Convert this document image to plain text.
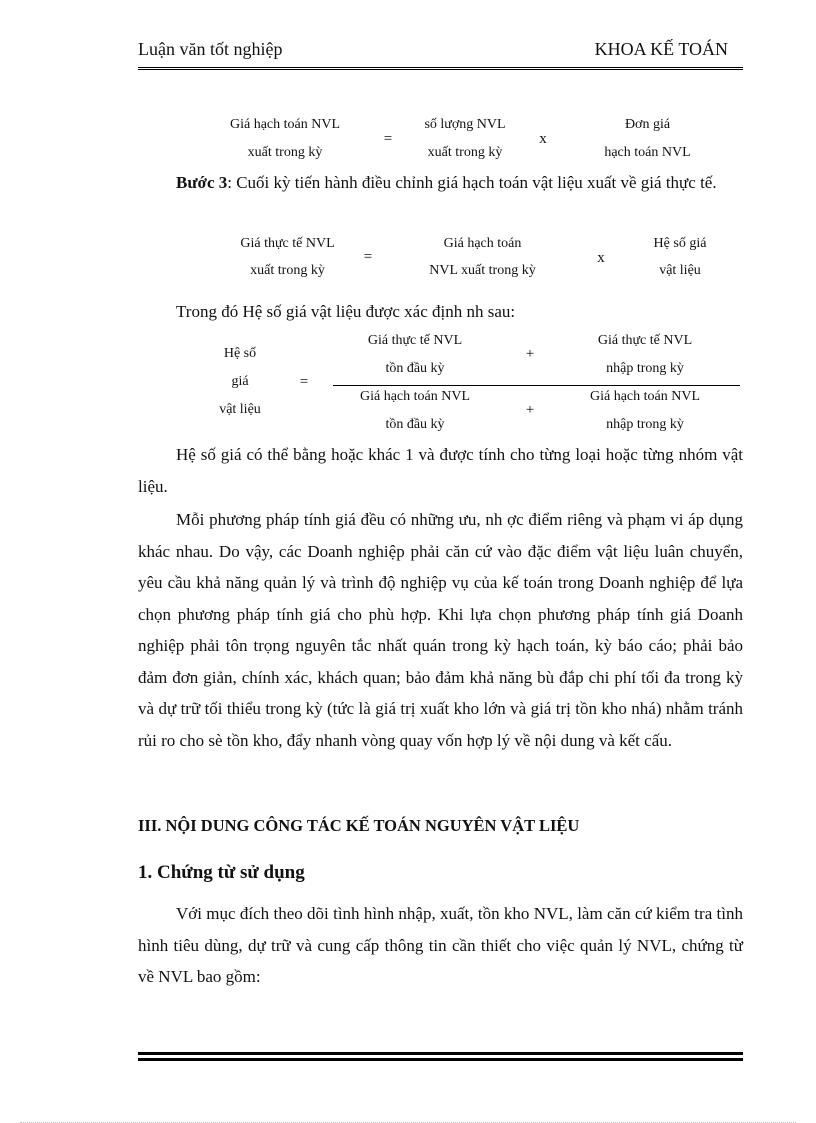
Luận văn tốt nghiệp	KHOA KẾ TOÁN
Giá hạch toán NVL
xuất trong kỳ
=
số lượng NVL
xuất trong kỳ
x
Đơn giá
hạch toán NVL
Bước 3: Cuối kỳ tiến hành điều chỉnh giá hạch toán vật liệu xuất về giá thực tế.
Giá thực tế NVL
xuất trong kỳ
=
Giá hạch toán
NVL xuất trong kỳ
x
Hệ số giá
vật liệu
Trong đó Hệ số giá vật liệu được xác định nh sau:
Hệ số
giá
vật liệu
=
Giá thực tế NVL
tồn đầu kỳ
+
Giá thực tế NVL
nhập trong kỳ
Giá hạch toán NVL
tồn đầu kỳ
+
Giá hạch toán NVL
nhập trong kỳ
Hệ số giá có thể bằng hoặc khác 1 và được tính cho từng loại hoặc từng nhóm vật liệu.
Mỗi phương pháp tính giá đều có những ưu, nh ợc điểm riêng và phạm vi áp dụng khác nhau. Do vậy, các Doanh nghiệp phải căn cứ vào đặc điểm vật liệu luân chuyển, yêu cầu khả năng quản lý và trình độ nghiệp vụ của kế toán trong Doanh nghiệp để lựa chọn phương pháp tính giá cho phù hợp. Khi lựa chọn phương pháp tính giá Doanh nghiệp phải tôn trọng nguyên tắc nhất quán trong kỳ hạch toán, kỳ báo cáo; phải bảo đảm đơn giản, chính xác, khách quan; bảo đảm khả năng bù đắp chi phí tối đa trong kỳ và dự trữ tối thiểu trong kỳ (tức là giá trị xuất kho lớn và giá trị tồn kho nhá) nhằm tránh rủi ro cho sè tồn kho, đẩy nhanh vòng quay vốn hợp lý về nội dung và kết cấu.
III. NỘI DUNG CÔNG TÁC KẾ TOÁN NGUYÊN VẬT LIỆU
1. Chứng từ sử dụng
Với mục đích theo dõi tình hình nhập, xuất, tồn kho NVL, làm căn cứ kiểm tra tình hình tiêu dùng, dự trữ và cung cấp thông tin cần thiết cho việc quản lý NVL, chứng từ về NVL bao gồm:
